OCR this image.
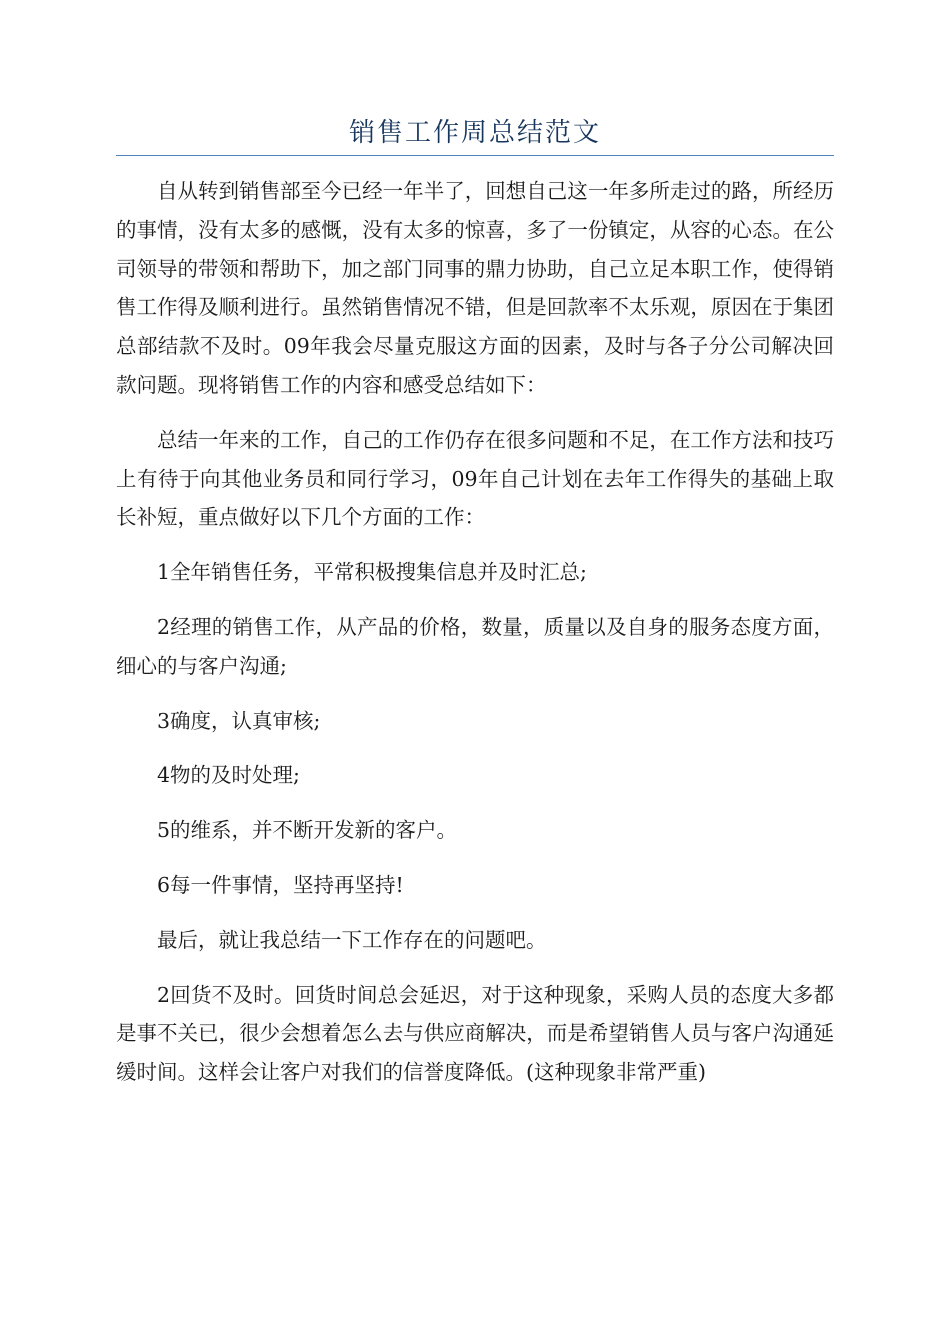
销售工作周总结范文

自从转到销售部至今已经一年半了，回想自己这一年多所走过的路，所经历的事情，没有太多的感慨，没有太多的惊喜，多了一份镇定，从容的心态。在公司领导的带领和帮助下，加之部门同事的鼎力协助，自己立足本职工作，使得销售工作得及顺利进行。虽然销售情况不错，但是回款率不太乐观，原因在于集团总部结款不及时。09年我会尽量克服这方面的因素，及时与各子分公司解决回款问题。现将销售工作的内容和感受总结如下：

总结一年来的工作，自己的工作仍存在很多问题和不足，在工作方法和技巧上有待于向其他业务员和同行学习，09年自己计划在去年工作得失的基础上取长补短，重点做好以下几个方面的工作：

1全年销售任务，平常积极搜集信息并及时汇总;

2经理的销售工作，从产品的价格，数量，质量以及自身的服务态度方面，细心的与客户沟通;

3确度，认真审核;

4物的及时处理;

5的维系，并不断开发新的客户。

6每一件事情，坚持再坚持!

最后，就让我总结一下工作存在的问题吧。

2回货不及时。回货时间总会延迟，对于这种现象，采购人员的态度大多都是事不关已，很少会想着怎么去与供应商解决，而是希望销售人员与客户沟通延缓时间。这样会让客户对我们的信誉度降低。(这种现象非常严重)
